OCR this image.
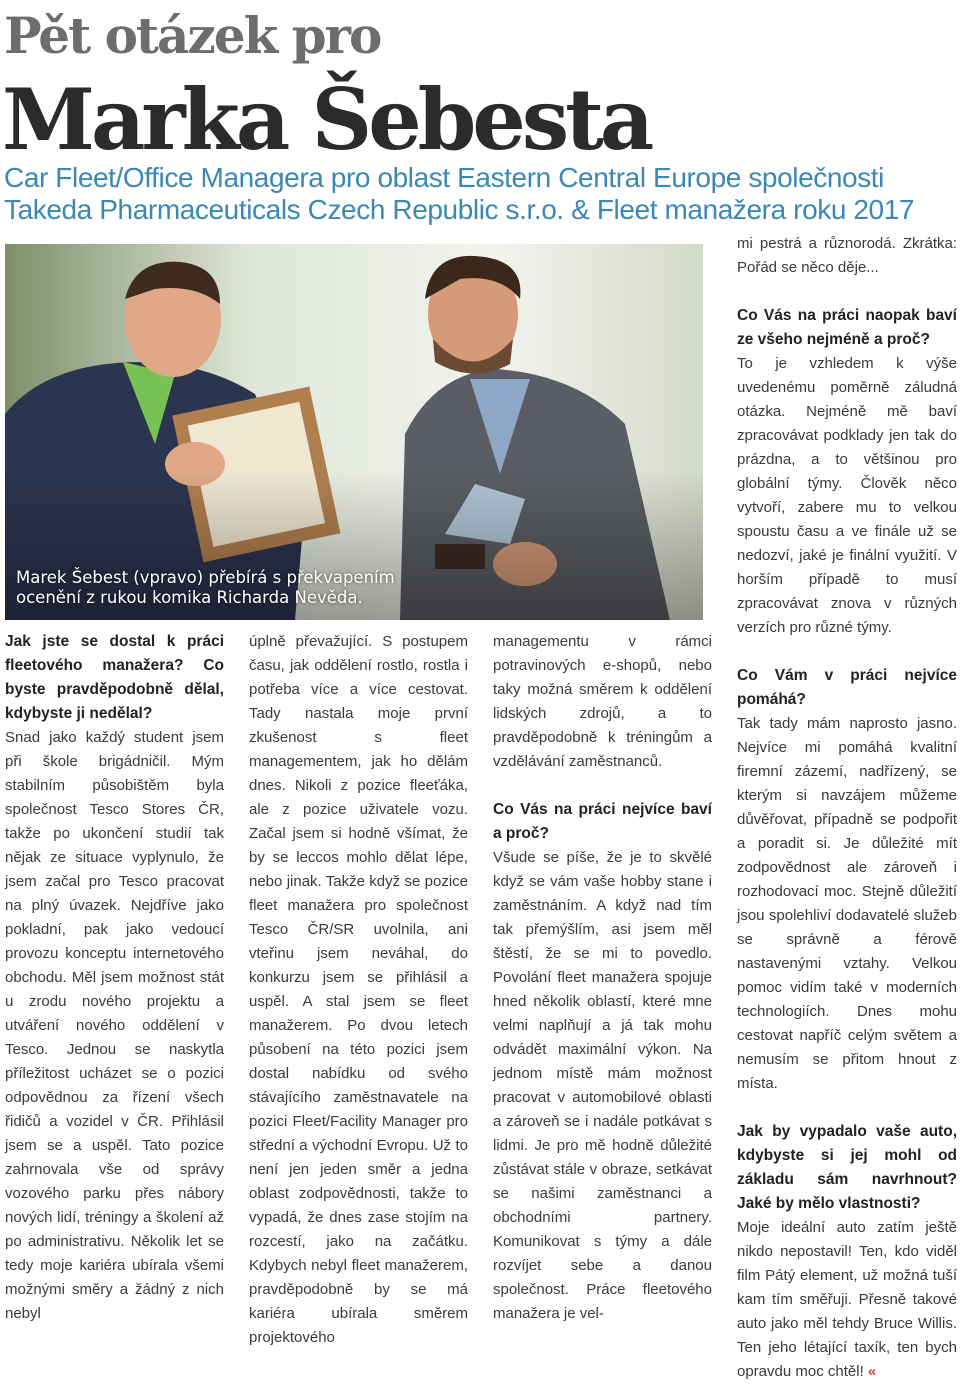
Pět otázek pro
Marka Šebesta

Car Fleet/Office Managera pro oblast Eastern Central Europe společnosti Takeda Pharmaceuticals Czech Republic s.r.o. & Fleet manažera roku 2017

Marek Šebest (vpravo) přebírá s překvapením
ocenění z rukou komika Richarda Nevěda.

Jak jste se dostal k práci fleetového manažera? Co byste pravděpodobně dělal, kdybyste ji nedělal?

Snad jako každý student jsem při škole brigádničil. Mým stabilním působištěm byla společnost Tesco Stores ČR, takže po ukončení studií tak nějak ze situace vyplynulo, že jsem začal pro Tesco pracovat na plný úvazek. Nejdříve jako pokladní, pak jako vedoucí provozu konceptu internetového obchodu. Měl jsem možnost stát u zrodu nového projektu a utváření nového oddělení v Tesco. Jednou se naskytla příležitost ucházet se o pozici odpovědnou za řízení všech řidičů a vozidel v ČR. Přihlásil jsem se a uspěl. Tato pozice zahrnovala vše od správy vozového parku přes nábory nových lidí, tréningy a školení až po administrativu. Několik let se tedy moje kariéra ubírala všemi možnými směry a žádný z nich nebyl

úplně převažující. S postupem času, jak oddělení rostlo, rostla i potřeba více a více cestovat. Tady nastala moje první zkušenost s fleet managementem, jak ho dělám dnes. Nikoli z pozice fleeťáka, ale z pozice uživatele vozu. Začal jsem si hodně všímat, že by se leccos mohlo dělat lépe, nebo jinak. Takže když se pozice fleet manažera pro společnost Tesco ČR/SR uvolnila, ani vteřinu jsem neváhal, do konkurzu jsem se přihlásil a uspěl. A stal jsem se fleet manažerem. Po dvou letech působení na této pozici jsem dostal nabídku od svého stávajícího zaměstnavatele na pozici Fleet/Facility Manager pro střední a východní Evropu. Už to není jen jeden směr a jedna oblast zodpovědnosti, takže to vypadá, že dnes zase stojím na rozcestí, jako na začátku. Kdybych nebyl fleet manažerem, pravděpodobně by se má kariéra ubírala směrem projektového

managementu v rámci potravinových e-shopů, nebo taky možná směrem k oddělení lidských zdrojů, a to pravděpodobně k tréningům a vzdělávání zaměstnanců.

Co Vás na práci nejvíce baví a proč?

Všude se píše, že je to skvělé když se vám vaše hobby stane i zaměstnáním. A když nad tím tak přemýšlím, asi jsem měl štěstí, že se mi to povedlo. Povolání fleet manažera spojuje hned několik oblastí, které mne velmi naplňují a já tak mohu odvádět maximální výkon. Na jednom místě mám možnost pracovat v automobilové oblasti a zároveň se i nadále potkávat s lidmi. Je pro mě hodně důležité zůstávat stále v obraze, setkávat se našimi zaměstnanci a obchodními partnery. Komunikovat s týmy a dále rozvíjet sebe a danou společnost. Práce fleetového manažera je vel-

mi pestrá a různorodá. Zkrátka: Pořád se něco děje...

Co Vás na práci naopak baví ze všeho nejméně a proč?

To je vzhledem k výše uvedenému poměrně záludná otázka. Nejméně mě baví zpracovávat podklady jen tak do prázdna, a to většinou pro globální týmy. Člověk něco vytvoří, zabere mu to velkou spoustu času a ve finále už se nedozví, jaké je finální využití. V horším případě to musí zpracovávat znova v různých verzích pro různé týmy.

Co Vám v práci nejvíce pomáhá?

Tak tady mám naprosto jasno. Nejvíce mi pomáhá kvalitní firemní zázemí, nadřízený, se kterým si navzájem můžeme důvěřovat, případně se podpořit a poradit si. Je důležité mít zodpovědnost ale zároveň i rozhodovací moc. Stejně důležití jsou spolehliví dodavatelé služeb se správně a férově nastavenými vztahy. Velkou pomoc vidím také v moderních technologiích. Dnes mohu cestovat napříč celým světem a nemusím se přitom hnout z místa.

Jak by vypadalo vaše auto, kdybyste si jej mohl od základu sám navrhnout? Jaké by mělo vlastnosti?

Moje ideální auto zatím ještě nikdo nepostavil! Ten, kdo viděl film Pátý element, už možná tuší kam tím směřuji. Přesně takové auto jako měl tehdy Bruce Willis. Ten jeho létající taxík, ten bych opravdu moc chtěl! «
